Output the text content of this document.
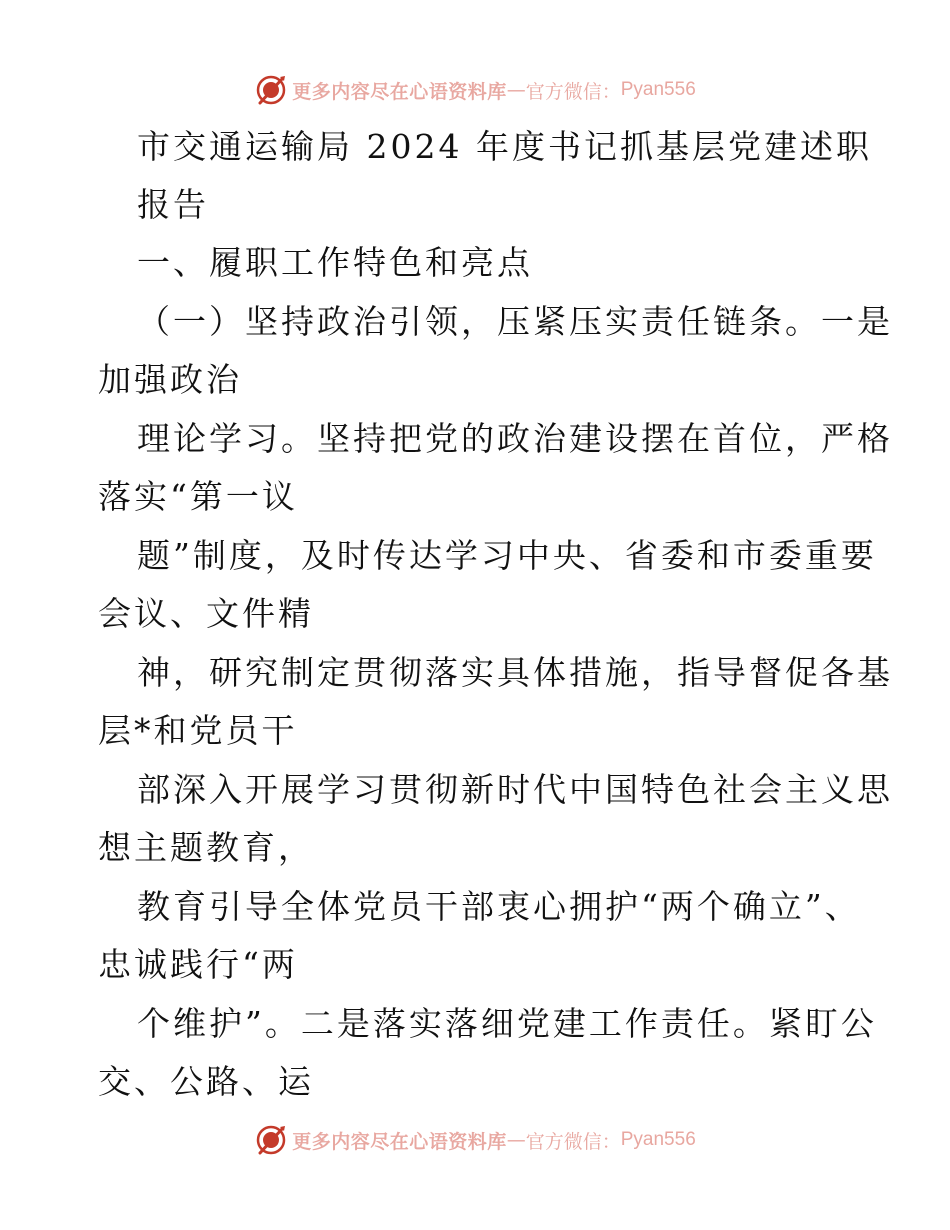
更多内容尽在心语资料库 — 官方微信： Pyan556
市交通运输局 2024 年度书记抓基层党建述职
报告
一、履职工作特色和亮点
（一）坚持政治引领，压紧压实责任链条。一是
加强政治
理论学习。坚持把党的政治建设摆在首位，严格
落实“第一议
题”制度，及时传达学习中央、省委和市委重要
会议、文件精
神，研究制定贯彻落实具体措施，指导督促各基
层*和党员干
部深入开展学习贯彻新时代中国特色社会主义思
想主题教育，
教育引导全体党员干部衷心拥护“两个确立”、
忠诚践行“两
个维护”。二是落实落细党建工作责任。紧盯公
交、公路、运
更多内容尽在心语资料库 — 官方微信： Pyan556
